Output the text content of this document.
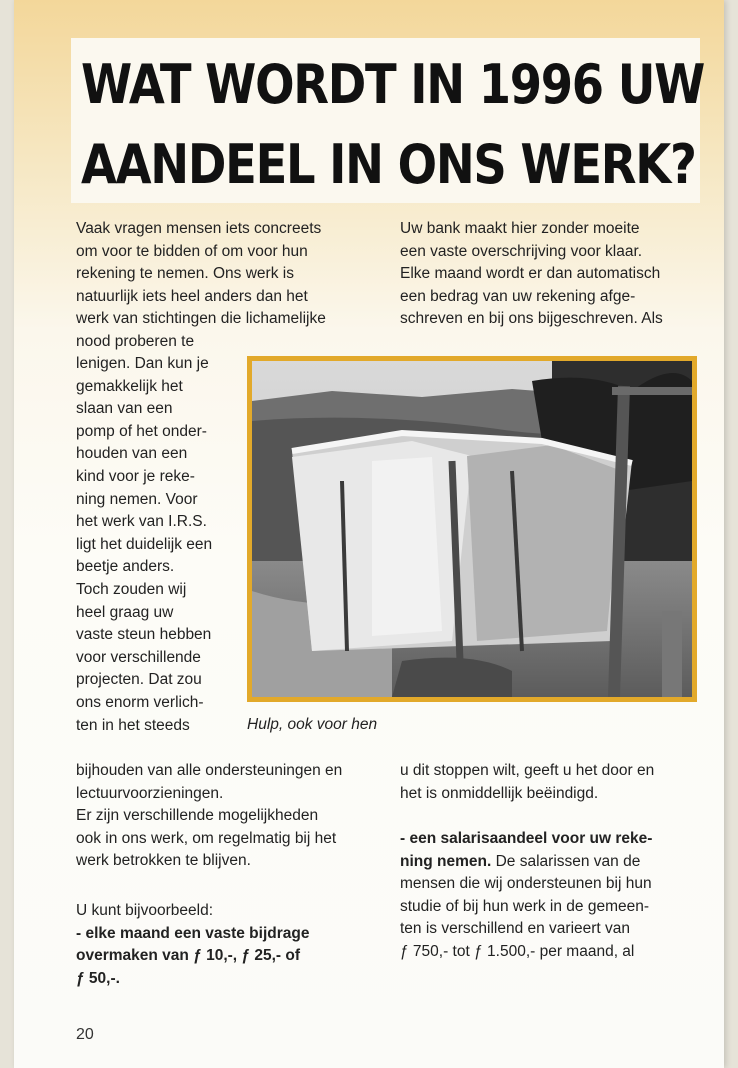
WAT WORDT IN 1996 UW
AANDEEL IN ONS WERK?

Vaak vragen mensen iets concreets

om voor te bidden of om voor hun

rekening te nemen. Ons werk is

natuurlijk iets heel anders dan het

werk van stichtingen die lichamelijke

nood proberen te

lenigen. Dan kun je

gemakkelijk het

slaan van een

pomp of het onder-

houden van een

kind voor je reke-

ning nemen. Voor

het werk van I.R.S.

ligt het duidelijk een

beetje anders.

Toch zouden wij

heel graag uw

vaste steun hebben

voor verschillende

projecten. Dat zou

ons enorm verlich-

ten in het steeds

bijhouden van alle ondersteuningen en

lectuurvoorzieningen.

Er zijn verschillende mogelijkheden

ook in ons werk, om regelmatig bij het

werk betrokken te blijven.

U kunt bijvoorbeeld:

- elke maand een vaste bijdrage

overmaken van ƒ 10,-, ƒ 25,- of

ƒ 50,-.

Uw bank maakt hier zonder moeite

een vaste overschrijving voor klaar.

Elke maand wordt er dan automatisch

een bedrag van uw rekening afge-

schreven en bij ons bijgeschreven. Als

Hulp, ook voor hen

u dit stoppen wilt, geeft u het door en

het is onmiddellijk beëindigd.

- een salarisaandeel voor uw reke-

ning nemen. De salarissen van de

mensen die wij ondersteunen bij hun

studie of bij hun werk in de gemeen-

ten is verschillend en varieert van

ƒ 750,- tot ƒ 1.500,- per maand, al

20
